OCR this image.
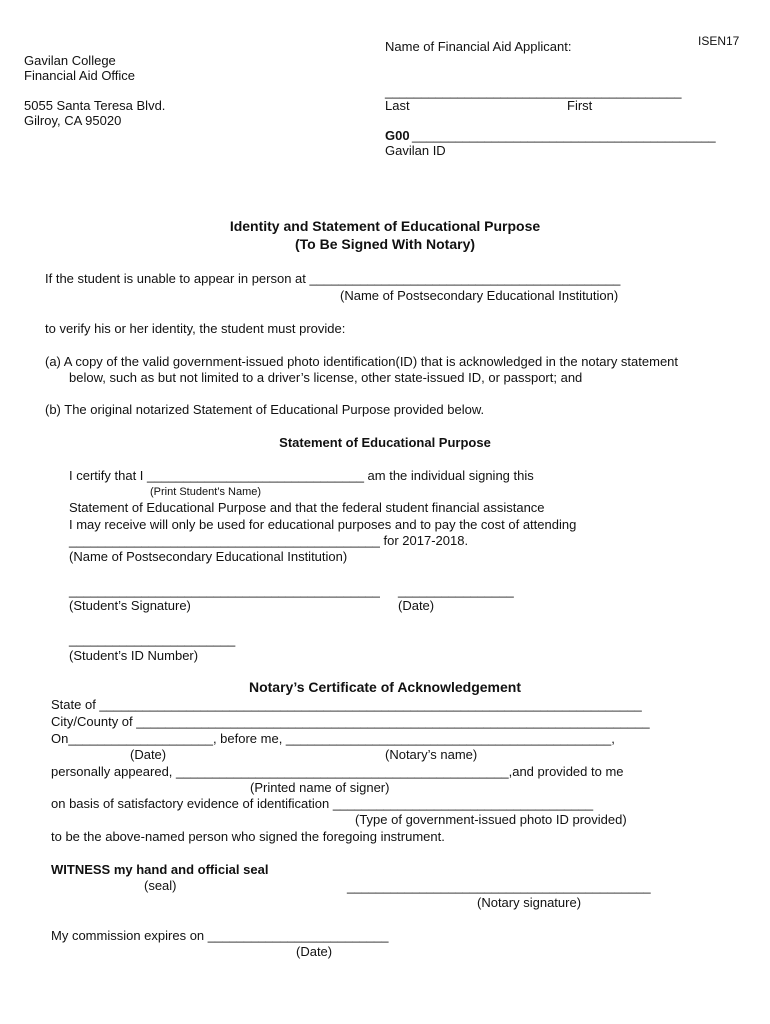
ISEN17
Gavilan College
Financial Aid Office
5055 Santa Teresa Blvd.
Gilroy, CA 95020
Name of Financial Aid Applicant:
_________________________________________
Last	First
G00 __________________________________________
Gavilan ID
Identity and Statement of Educational Purpose
(To Be Signed With Notary)
If the student is unable to appear in person at ___________________________________________
(Name of Postsecondary Educational Institution)
to verify his or her identity, the student must provide:
(a) A copy of the valid government-issued photo identification(ID) that is acknowledged in the notary statement
below, such as but not limited to a driver’s license, other state-issued ID, or passport; and
(b) The original notarized Statement of Educational Purpose provided below.
Statement of Educational Purpose
I certify that I ______________________________ am the individual signing this
(Print Student’s Name)
Statement of Educational Purpose and that the federal student financial assistance
I may receive will only be used for educational purposes and to pay the cost of attending
___________________________________________ for 2017-2018.
(Name of Postsecondary Educational Institution)
___________________________________________ ________________
(Student’s Signature)	(Date)
_______________________
(Student’s ID Number)
Notary’s Certificate of Acknowledgement
State of ___________________________________________________________________________
City/County of _______________________________________________________________________
On____________________, before me, _____________________________________________,
(Date)	(Notary’s name)
personally appeared, ______________________________________________,and provided to me
(Printed name of signer)
on basis of satisfactory evidence of identification ____________________________________
(Type of government-issued photo ID provided)
to be the above-named person who signed the foregoing instrument.
WITNESS my hand and official seal
(seal)	__________________________________________
(Notary signature)
My commission expires on _________________________
(Date)
